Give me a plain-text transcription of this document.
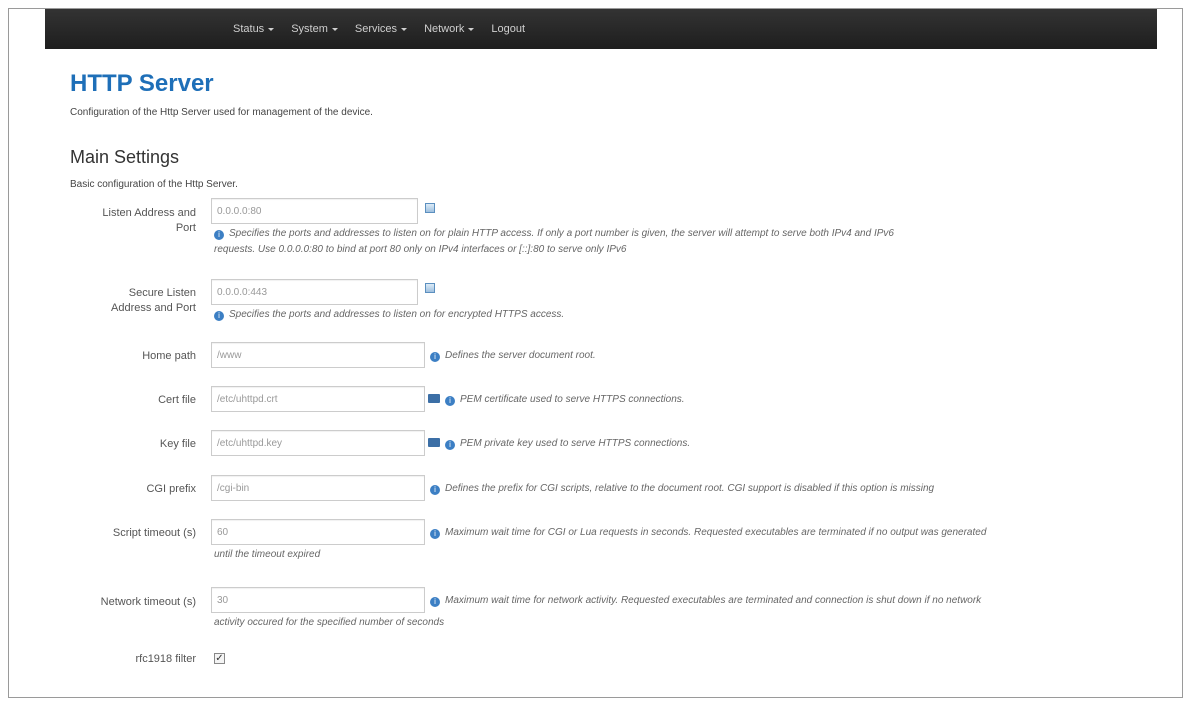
Status System Services Network Logout
HTTP Server
Configuration of the Http Server used for management of the device.
Main Settings
Basic configuration of the Http Server.
Listen Address and
Port
0.0.0.0:80
i Specifies the ports and addresses to listen on for plain HTTP access. If only a port number is given, the server will attempt to serve both IPv4 and IPv6
requests. Use 0.0.0.0:80 to bind at port 80 only on IPv4 interfaces or [::]:80 to serve only IPv6
Secure Listen
Address and Port
0.0.0.0:443
i Specifies the ports and addresses to listen on for encrypted HTTPS access.
Home path
/www	i Defines the server document root.
Cert file
/etc/uhttpd.crt	i PEM certificate used to serve HTTPS connections.
Key file
/etc/uhttpd.key	i PEM private key used to serve HTTPS connections.
CGI prefix
/cgi-bin	i Defines the prefix for CGI scripts, relative to the document root. CGI support is disabled if this option is missing
Script timeout (s)
60	i Maximum wait time for CGI or Lua requests in seconds. Requested executables are terminated if no output was generated
until the timeout expired
Network timeout (s)
30	i Maximum wait time for network activity. Requested executables are terminated and connection is shut down if no network
activity occured for the specified number of seconds
rfc1918 filter ✓
